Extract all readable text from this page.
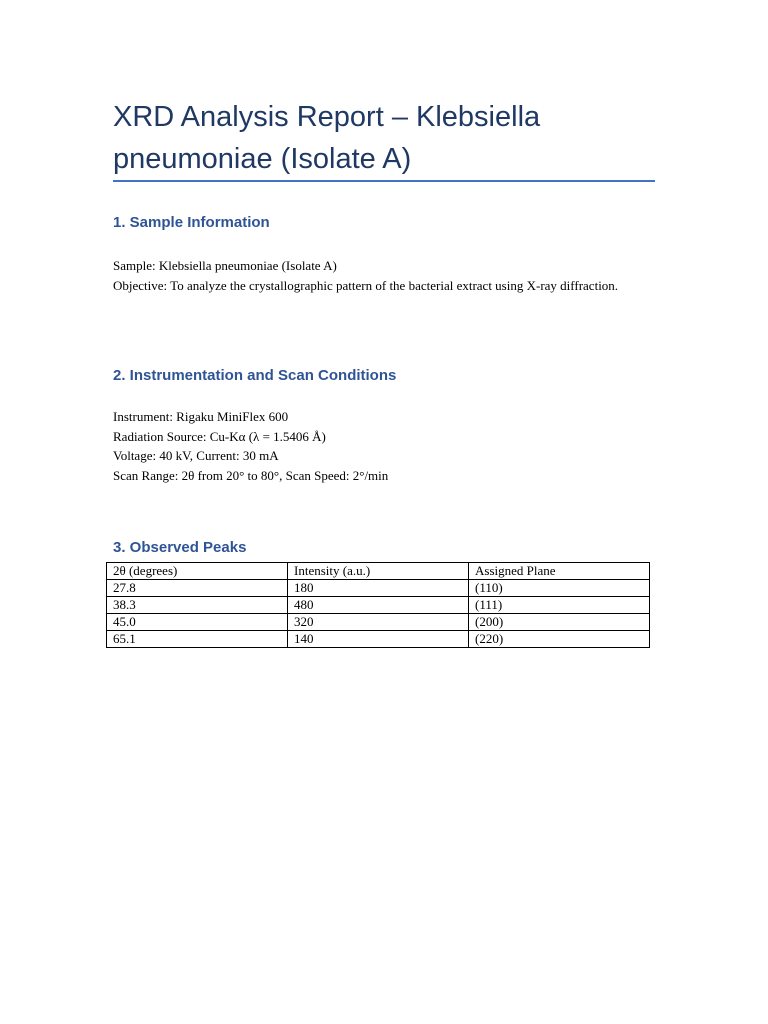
XRD Analysis Report – Klebsiella pneumoniae (Isolate A)
1. Sample Information
Sample: Klebsiella pneumoniae (Isolate A)
Objective: To analyze the crystallographic pattern of the bacterial extract using X-ray diffraction.
2. Instrumentation and Scan Conditions
Instrument: Rigaku MiniFlex 600
Radiation Source: Cu-Kα (λ = 1.5406 Å)
Voltage: 40 kV, Current: 30 mA
Scan Range: 2θ from 20° to 80°, Scan Speed: 2°/min
3. Observed Peaks
2θ (degrees)	Intensity (a.u.)	Assigned Plane
27.8	180	(110)
38.3	480	(111)
45.0	320	(200)
65.1	140	(220)
